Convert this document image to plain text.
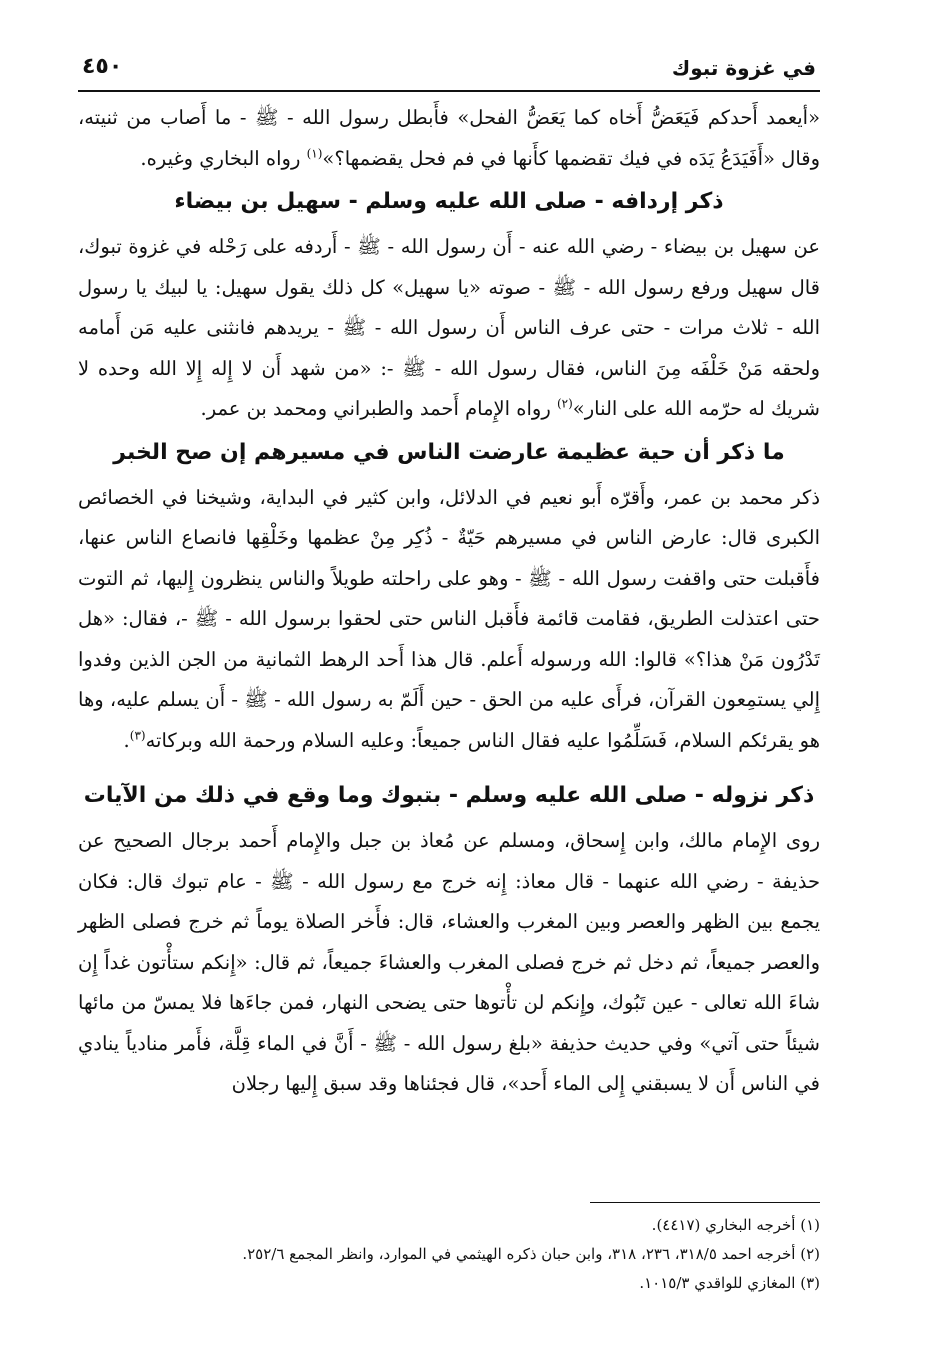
في غزوة تبوك
٤٥٠

«أيعمد أَحدكم فَيَعَضُّ أَخاه كما يَعَضُّ الفحل» فأَبطل رسول الله - ﷺ - ما أَصاب من ثنيته، وقال «أَفَيَدَعُ يَدَه في فيك تقضمها كأَنها في فم فحل يقضمها؟»$^{(١)}$ رواه البخاري وغيره.

ذكر إردافه - صلى الله عليه وسلم - سهيل بن بيضاء

عن سهيل بن بيضاء - رضي الله عنه - أَن رسول الله - ﷺ - أَردفه على رَحْله في غزوة تبوك، قال سهيل ورفع رسول الله - ﷺ - صوته «يا سهيل» كل ذلك يقول سهيل: يا لبيك يا رسول الله - ثلاث مرات - حتى عرف الناس أَن رسول الله - ﷺ - يريدهم فانثنى عليه مَن أَمامه ولحقه مَنْ خَلْفَه مِنَ الناس، فقال رسول الله - ﷺ -: «من شهد أَن لا إِله إِلا الله وحده لا شريك له حرّمه الله على النار»$^{(٢)}$ رواه الإِمام أَحمد والطبراني ومحمد بن عمر.

ما ذكر أن حية عظيمة عارضت الناس في مسيرهم إن صح الخبر

ذكر محمد بن عمر، وأَقرّه أَبو نعيم في الدلائل، وابن كثير في البداية، وشيخنا في الخصائص الكبرى قال: عارض الناس في مسيرهم حَيّةٌ - ذُكِر مِنْ عظمها وخَلْقِها فانصاع الناس عنها، فأَقبلت حتى واقفت رسول الله - ﷺ - وهو على راحلته طويلاً والناس ينظرون إِليها، ثم التوت حتى اعتذلت الطريق، فقامت قائمة فأَقبل الناس حتى لحقوا برسول الله - ﷺ -، فقال: «هل تَدْرُون مَنْ هذا؟» قالوا: الله ورسوله أَعلم. قال هذا أَحد الرهط الثمانية من الجن الذين وفدوا إِلي يستمِعون القرآن، فرأَى عليه من الحق - حين أَلَمّ به رسول الله - ﷺ - أَن يسلم عليه، وها هو يقرئكم السلام، فَسَلِّمُوا عليه فقال الناس جميعاً: وعليه السلام ورحمة الله وبركاته$^{(٣)}$.

ذكر نزوله - صلى الله عليه وسلم - بتبوك وما وقع في ذلك من الآيات

روى الإِمام مالك، وابن إِسحاق، ومسلم عن مُعاذ بن جبل والإِمام أَحمد برجال الصحيح عن حذيفة - رضي الله عنهما - قال معاذ: إِنه خرج مع رسول الله - ﷺ - عام تبوك قال: فكان يجمع بين الظهر والعصر وبين المغرب والعشاء، قال: فأَخر الصلاة يوماً ثم خرج فصلى الظهر والعصر جميعاً، ثم دخل ثم خرج فصلى المغرب والعشاءَ جميعاً، ثم قال: «إِنكم ستأْتون غداً إِن شاءَ الله تعالى - عين تَبُوك، وإِنكم لن تأْتوها حتى يضحى النهار، فمن جاءَها فلا يمسّ من مائها شيئاً حتى آتي» وفي حديث حذيفة «بلغ رسول الله - ﷺ - أَنَّ في الماء قِلَّة، فأَمر منادياً ينادي في الناس أَن لا يسبقني إِلى الماء أَحد»، قال فجئناها وقد سبق إِليها رجلان

(١) أخرجه البخاري (٤٤١٧).

(٢) أخرجه احمد ٣١٨/٥، ٢٣٦، ٣١٨، وابن حبان ذكره الهيثمي في الموارد، وانظر المجمع ٢٥٢/٦.

(٣) المغازي للواقدي ١٠١٥/٣.
